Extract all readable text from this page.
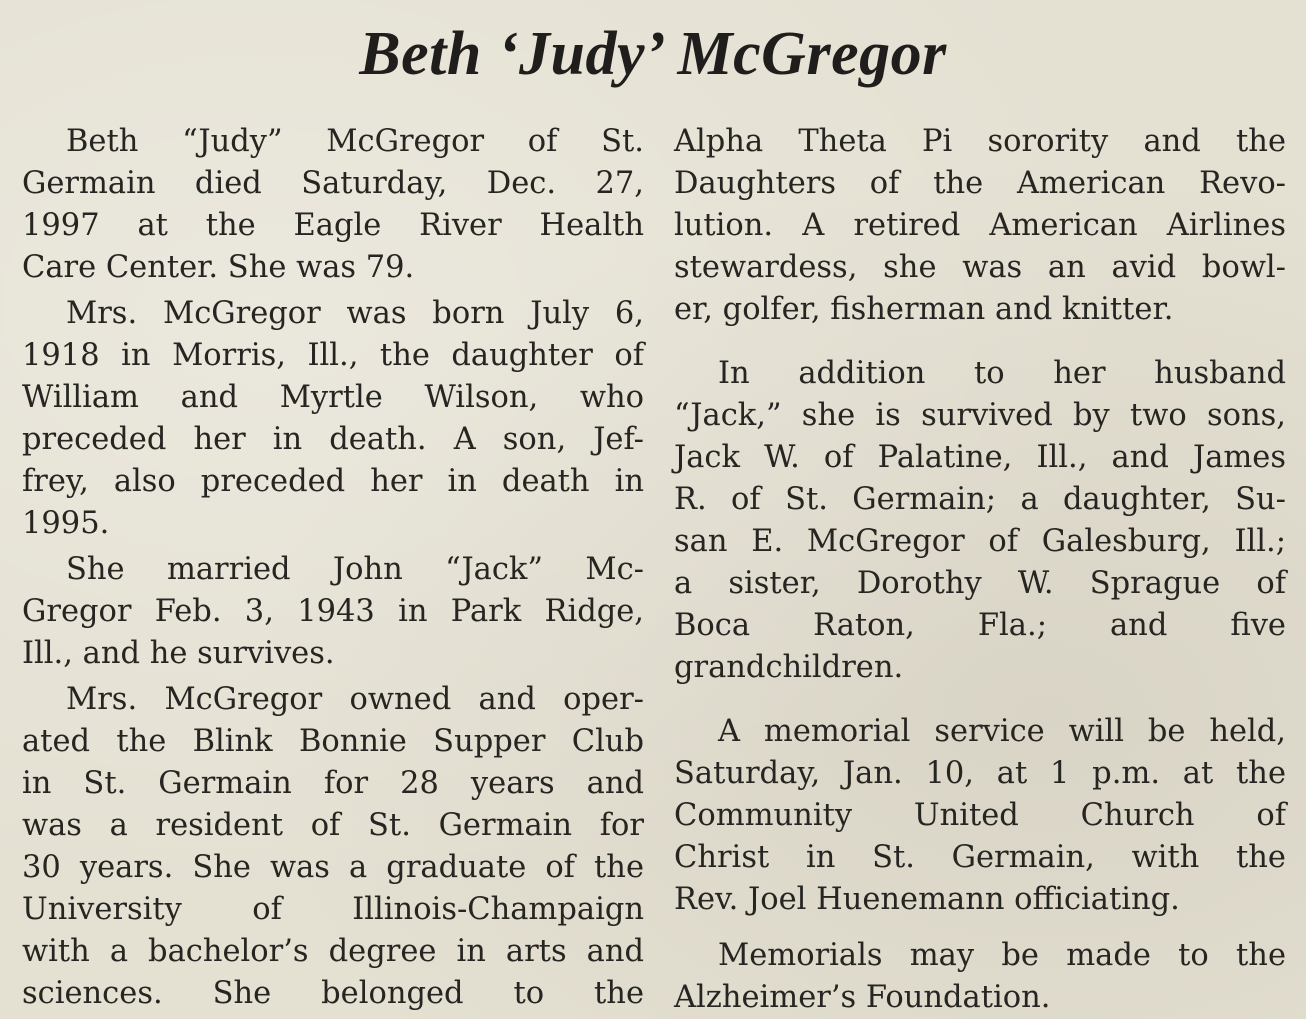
Beth ‘Judy’ McGregor
Beth “Judy” McGregor of St.
Germain died Saturday, Dec. 27,
1997 at the Eagle River Health
Care Center. She was 79.
Mrs. McGregor was born July 6,
1918 in Morris, Ill., the daughter of
William and Myrtle Wilson, who
preceded her in death. A son, Jef-
frey, also preceded her in death in
1995.
She married John “Jack” Mc-
Gregor Feb. 3, 1943 in Park Ridge,
Ill., and he survives.
Mrs. McGregor owned and oper-
ated the Blink Bonnie Supper Club
in St. Germain for 28 years and
was a resident of St. Germain for
30 years. She was a graduate of the
University of Illinois-Champaign
with a bachelor’s degree in arts and
sciences. She belonged to the
Alpha Theta Pi sorority and the
Daughters of the American Revo-
lution. A retired American Airlines
stewardess, she was an avid bowl-
er, golfer, fisherman and knitter.
In addition to her husband
“Jack,” she is survived by two sons,
Jack W. of Palatine, Ill., and James
R. of St. Germain; a daughter, Su-
san E. McGregor of Galesburg, Ill.;
a sister, Dorothy W. Sprague of
Boca Raton, Fla.; and five
grandchildren.
A memorial service will be held,
Saturday, Jan. 10, at 1 p.m. at the
Community United Church of
Christ in St. Germain, with the
Rev. Joel Huenemann officiating.
Memorials may be made to the
Alzheimer’s Foundation.
